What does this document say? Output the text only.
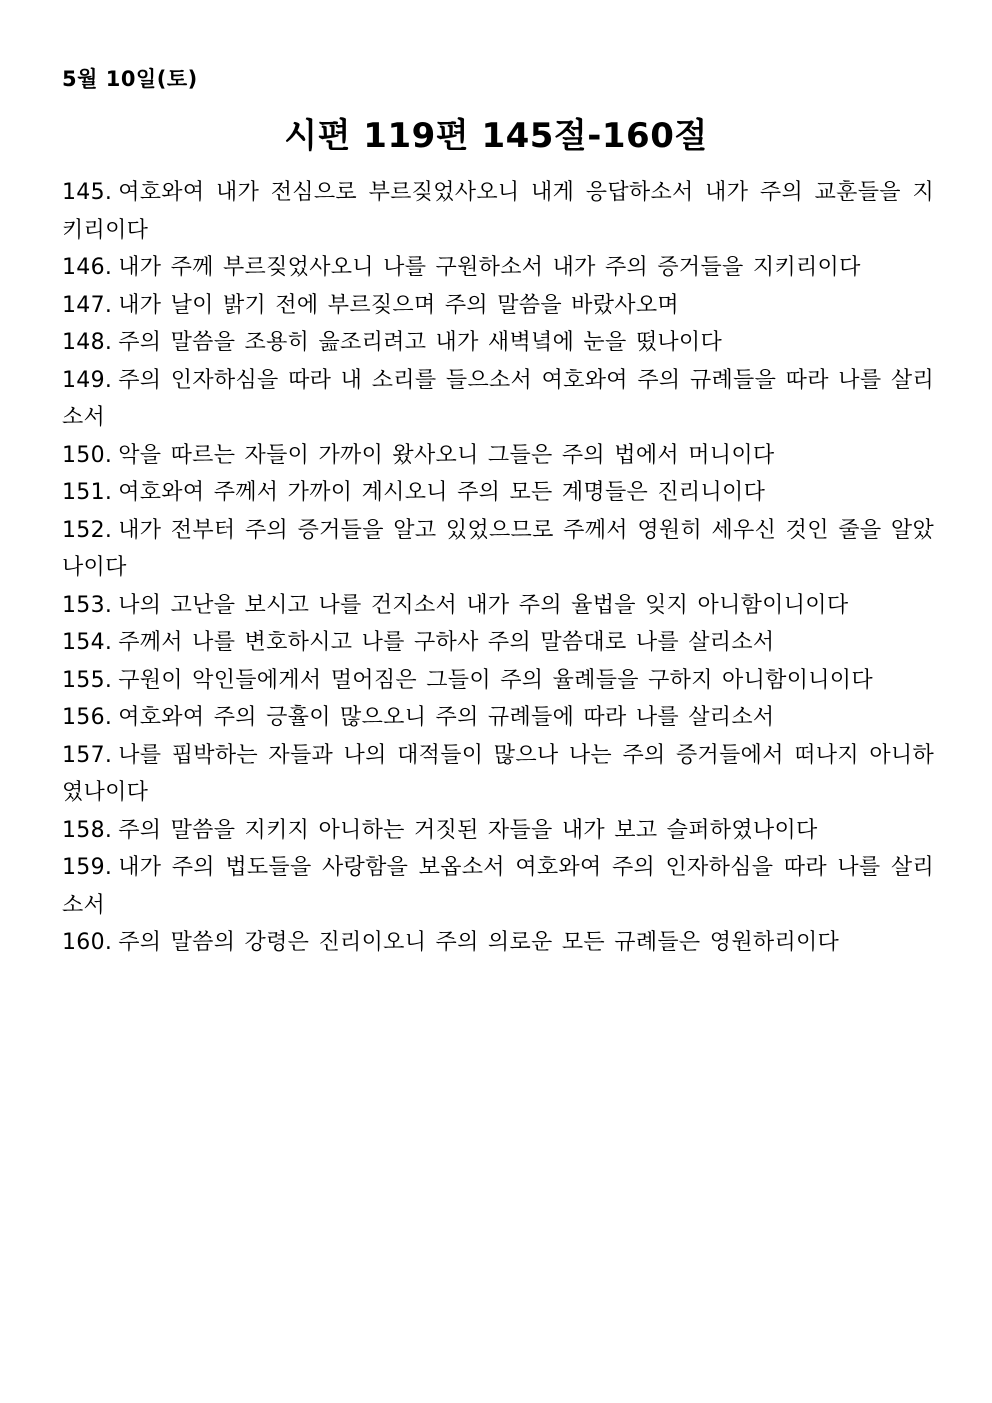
5월 10일(토)
시편 119편 145절-160절
145. 여호와여 내가 전심으로 부르짖었사오니 내게 응답하소서 내가 주의 교훈들을 지키리이다
146. 내가 주께 부르짖었사오니 나를 구원하소서 내가 주의 증거들을 지키리이다
147. 내가 날이 밝기 전에 부르짖으며 주의 말씀을 바랐사오며
148. 주의 말씀을 조용히 읊조리려고 내가 새벽녘에 눈을 떴나이다
149. 주의 인자하심을 따라 내 소리를 들으소서 여호와여 주의 규례들을 따라 나를 살리소서
150. 악을 따르는 자들이 가까이 왔사오니 그들은 주의 법에서 머니이다
151. 여호와여 주께서 가까이 계시오니 주의 모든 계명들은 진리니이다
152. 내가 전부터 주의 증거들을 알고 있었으므로 주께서 영원히 세우신 것인 줄을 알았나이다
153. 나의 고난을 보시고 나를 건지소서 내가 주의 율법을 잊지 아니함이니이다
154. 주께서 나를 변호하시고 나를 구하사 주의 말씀대로 나를 살리소서
155. 구원이 악인들에게서 멀어짐은 그들이 주의 율례들을 구하지 아니함이니이다
156. 여호와여 주의 긍휼이 많으오니 주의 규례들에 따라 나를 살리소서
157. 나를 핍박하는 자들과 나의 대적들이 많으나 나는 주의 증거들에서 떠나지 아니하였나이다
158. 주의 말씀을 지키지 아니하는 거짓된 자들을 내가 보고 슬퍼하였나이다
159. 내가 주의 법도들을 사랑함을 보옵소서 여호와여 주의 인자하심을 따라 나를 살리소서
160. 주의 말씀의 강령은 진리이오니 주의 의로운 모든 규례들은 영원하리이다
